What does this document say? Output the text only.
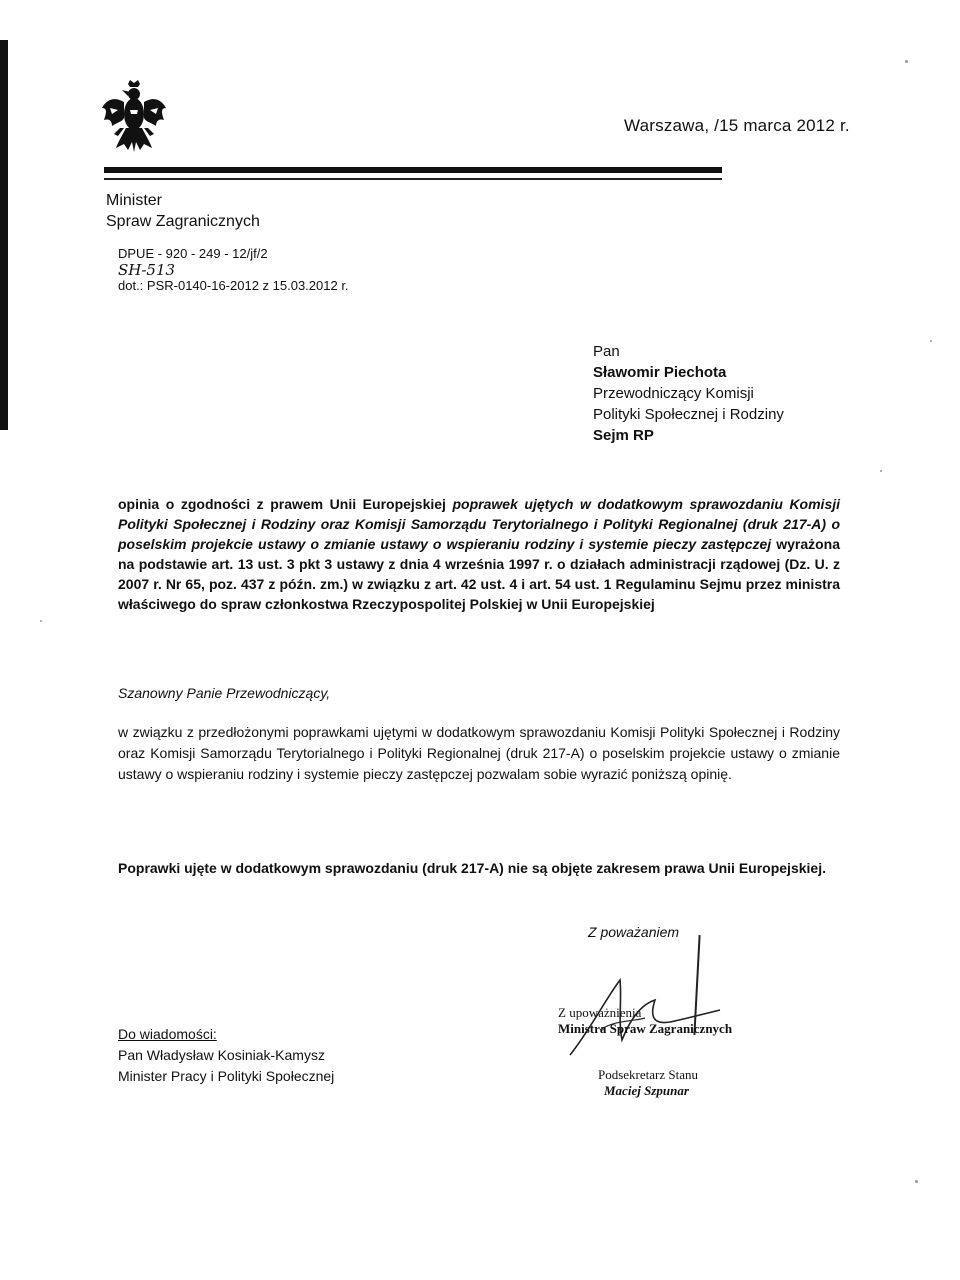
Warszawa, /15 marca 2012 r.
Minister
Spraw Zagranicznych
DPUE - 920 - 249 - 12/jf/2
SH-513
dot.: PSR-0140-16-2012 z 15.03.2012 r.
Pan
Sławomir Piechota
Przewodniczący Komisji
Polityki Społecznej i Rodziny
Sejm RP
opinia o zgodności z prawem Unii Europejskiej poprawek ujętych w dodatkowym sprawozdaniu Komisji Polityki Społecznej i Rodziny oraz Komisji Samorządu Terytorialnego i Polityki Regionalnej (druk 217-A) o poselskim projekcie ustawy o zmianie ustawy o wspieraniu rodziny i systemie pieczy zastępczej wyrażona na podstawie art. 13 ust. 3 pkt 3 ustawy z dnia 4 września 1997 r. o działach administracji rządowej (Dz. U. z 2007 r. Nr 65, poz. 437 z późn. zm.) w związku z art. 42 ust. 4 i art. 54 ust. 1 Regulaminu Sejmu przez ministra właściwego do spraw członkostwa Rzeczypospolitej Polskiej w Unii Europejskiej
Szanowny Panie Przewodniczący,
w związku z przedłożonymi poprawkami ujętymi w dodatkowym sprawozdaniu Komisji Polityki Społecznej i Rodziny oraz Komisji Samorządu Terytorialnego i Polityki Regionalnej (druk 217-A) o poselskim projekcie ustawy o zmianie ustawy o wspieraniu rodziny i systemie pieczy zastępczej pozwalam sobie wyrazić poniższą opinię.
Poprawki ujęte w dodatkowym sprawozdaniu (druk 217-A) nie są objęte zakresem prawa Unii Europejskiej.
Z poważaniem
Z upoważnienia
Ministra Spraw Zagranicznych
Podsekretarz Stanu
Maciej Szpunar
Do wiadomości:
Pan Władysław Kosiniak-Kamysz
Minister Pracy i Polityki Społecznej
